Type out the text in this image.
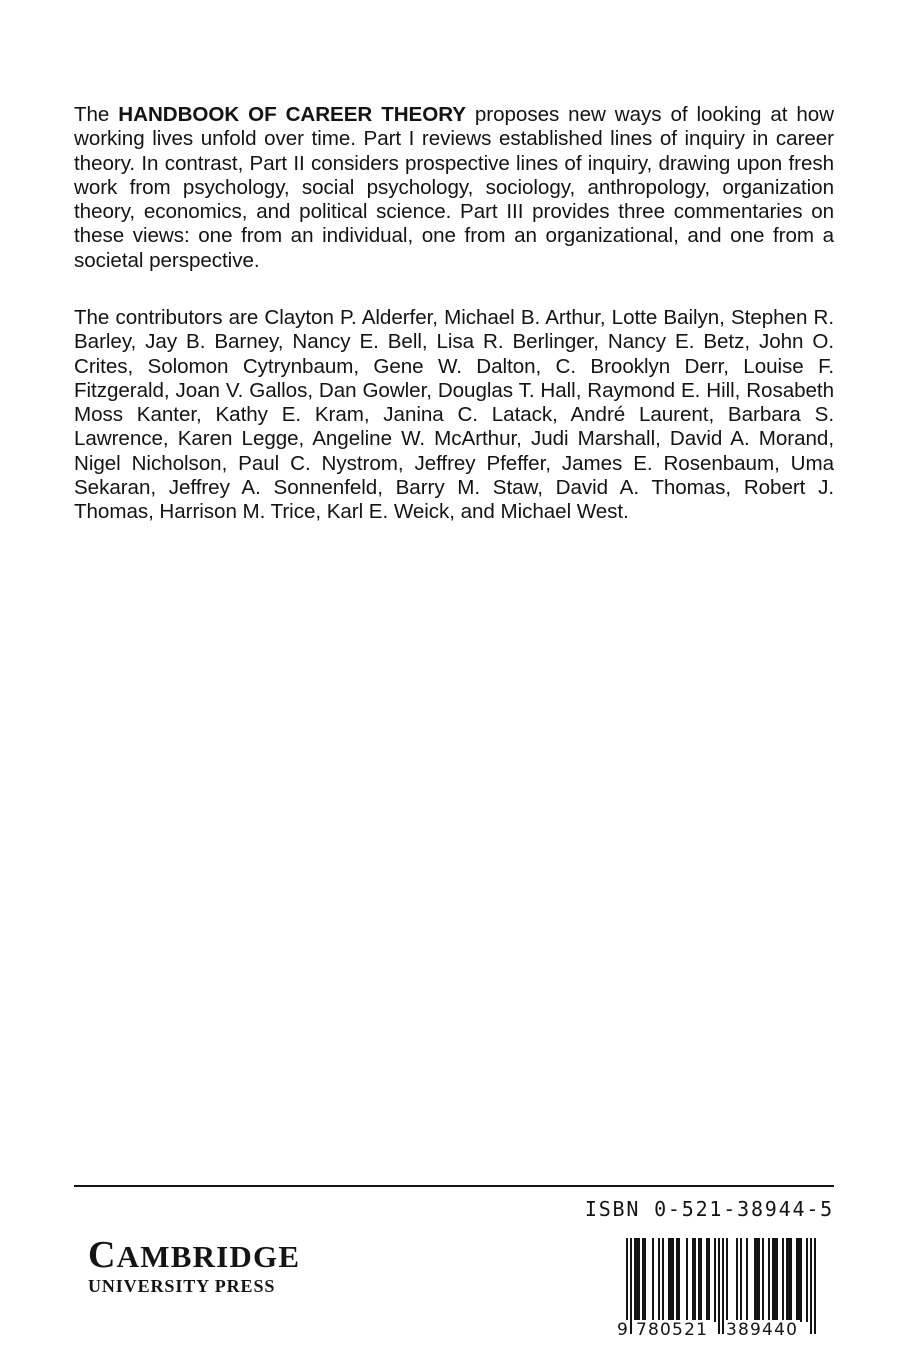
The HANDBOOK OF CAREER THEORY proposes new ways of looking at how working lives unfold over time. Part I reviews established lines of inquiry in career theory. In contrast, Part II considers prospective lines of inquiry, drawing upon fresh work from psychology, social psychology, sociology, anthropology, organization theory, economics, and political science. Part III provides three commentaries on these views: one from an individual, one from an organizational, and one from a societal perspective.

The contributors are Clayton P. Alderfer, Michael B. Arthur, Lotte Bailyn, Stephen R. Barley, Jay B. Barney, Nancy E. Bell, Lisa R. Berlinger, Nancy E. Betz, John O. Crites, Solomon Cytrynbaum, Gene W. Dalton, C. Brooklyn Derr, Louise F. Fitzgerald, Joan V. Gallos, Dan Gowler, Douglas T. Hall, Raymond E. Hill, Rosabeth Moss Kanter, Kathy E. Kram, Janina C. Latack, André Laurent, Barbara S. Lawrence, Karen Legge, Angeline W. McArthur, Judi Marshall, David A. Morand, Nigel Nicholson, Paul C. Nystrom, Jeffrey Pfeffer, James E. Rosenbaum, Uma Sekaran, Jeffrey A. Sonnenfeld, Barry M. Staw, David A. Thomas, Robert J. Thomas, Harrison M. Trice, Karl E. Weick, and Michael West.

ISBN 0-521-38944-5
CAMBRIDGE
UNIVERSITY PRESS
9 780521 389440
